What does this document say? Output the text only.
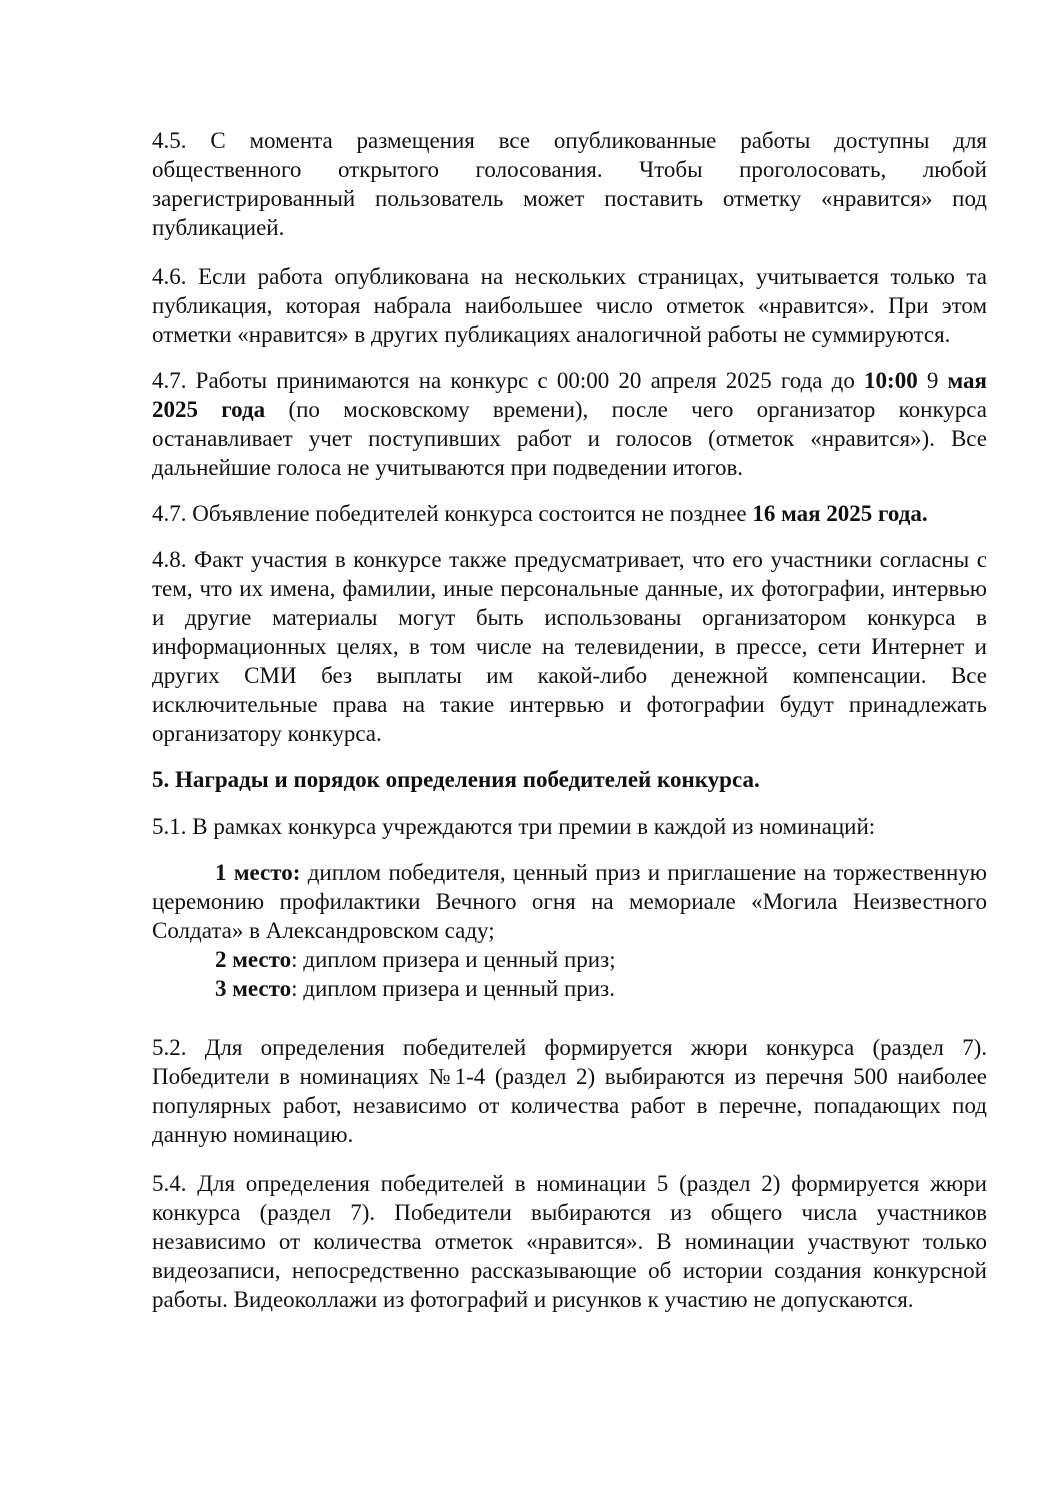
4.5. С момента размещения все опубликованные работы доступны для общественного открытого голосования. Чтобы проголосовать, любой зарегистрированный пользователь может поставить отметку «нравится» под публикацией.

4.6. Если работа опубликована на нескольких страницах, учитывается только та публикация, которая набрала наибольшее число отметок «нравится». При этом отметки «нравится» в других публикациях аналогичной работы не суммируются.

4.7. Работы принимаются на конкурс с 00:00 20 апреля 2025 года до 10:00 9 мая 2025 года (по московскому времени), после чего организатор конкурса останавливает учет поступивших работ и голосов (отметок «нравится»). Все дальнейшие голоса не учитываются при подведении итогов.

4.7. Объявление победителей конкурса состоится не позднее 16 мая 2025 года.

4.8. Факт участия в конкурсе также предусматривает, что его участники согласны с тем, что их имена, фамилии, иные персональные данные, их фотографии, интервью и другие материалы могут быть использованы организатором конкурса в информационных целях, в том числе на телевидении, в прессе, сети Интернет и других СМИ без выплаты им какой-либо денежной компенсации. Все исключительные права на такие интервью и фотографии будут принадлежать организатору конкурса.

5. Награды и порядок определения победителей конкурса.

5.1. В рамках конкурса учреждаются три премии в каждой из номинаций:

1 место: диплом победителя, ценный приз и приглашение на торжественную церемонию профилактики Вечного огня на мемориале «Могила Неизвестного Солдата» в Александровском саду;

2 место: диплом призера и ценный приз;

3 место: диплом призера и ценный приз.

5.2. Для определения победителей формируется жюри конкурса (раздел 7). Победители в номинациях №1-4 (раздел 2) выбираются из перечня 500 наиболее популярных работ, независимо от количества работ в перечне, попадающих под данную номинацию.

5.4. Для определения победителей в номинации 5 (раздел 2) формируется жюри конкурса (раздел 7). Победители выбираются из общего числа участников независимо от количества отметок «нравится». В номинации участвуют только видеозаписи, непосредственно рассказывающие об истории создания конкурсной работы. Видеоколлажи из фотографий и рисунков к участию не допускаются.
